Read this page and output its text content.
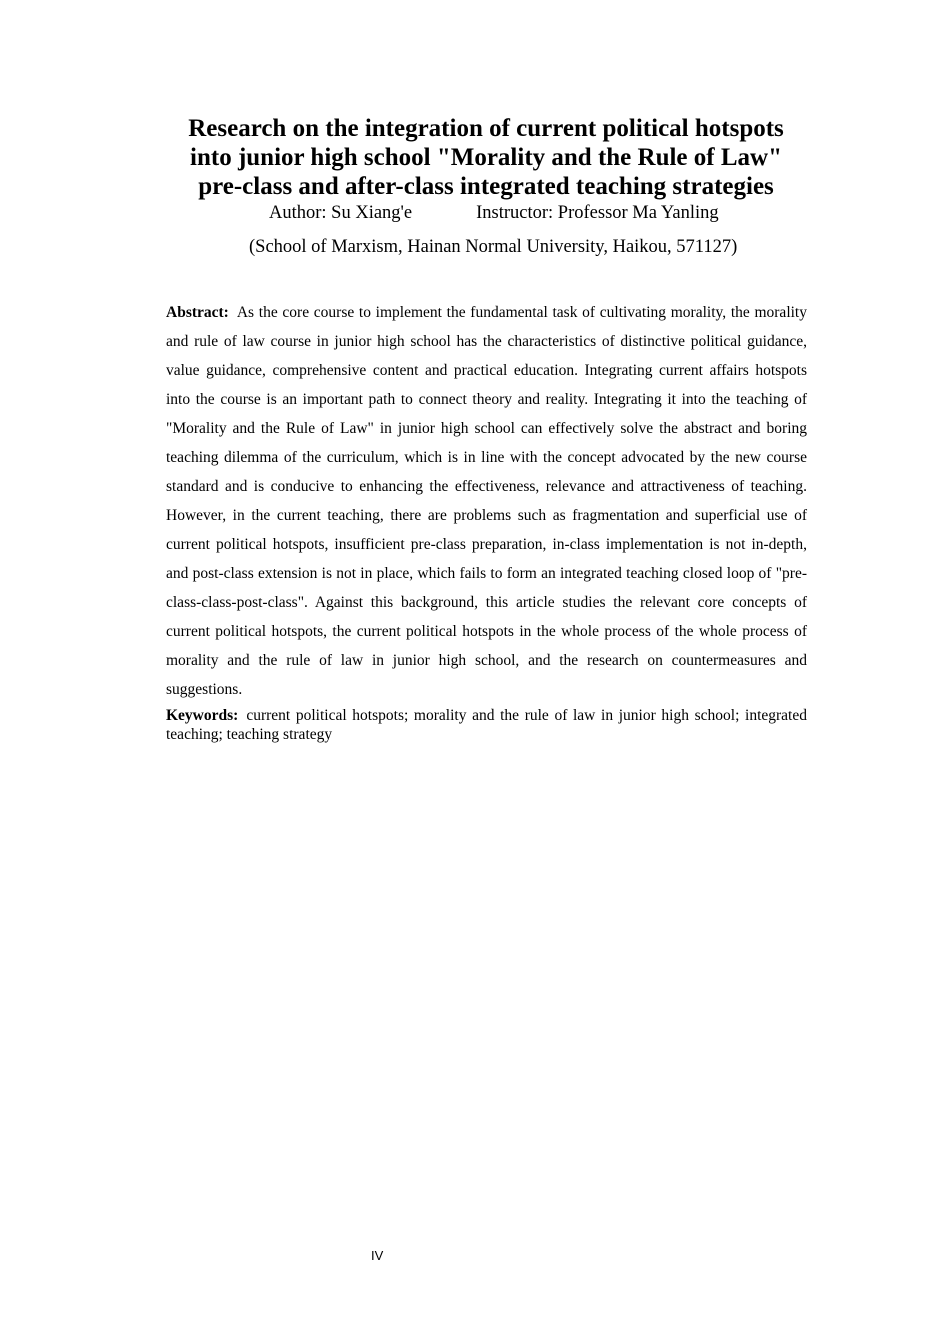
Research on the integration of current political hotspots
into junior high school "Morality and the Rule of Law"
pre-class and after-class integrated teaching strategies
Author: Su Xiang'e	Instructor: Professor Ma Yanling
(School of Marxism, Hainan Normal University, Haikou, 571127)

Abstract: As the core course to implement the fundamental task of cultivating morality, the morality and rule of law course in junior high school has the characteristics of distinctive political guidance, value guidance, comprehensive content and practical education. Integrating current affairs hotspots into the course is an important path to connect theory and reality. Integrating it into the teaching of "Morality and the Rule of Law" in junior high school can effectively solve the abstract and boring teaching dilemma of the curriculum, which is in line with the concept advocated by the new course standard and is conducive to enhancing the effectiveness, relevance and attractiveness of teaching. However, in the current teaching, there are problems such as fragmentation and superficial use of current political hotspots, insufficient pre-class preparation, in-class implementation is not in-depth, and post-class extension is not in place, which fails to form an integrated teaching closed loop of "pre-class-class-post-class". Against this background, this article studies the relevant core concepts of current political hotspots, the current political hotspots in the whole process of the whole process of morality and the rule of law in junior high school, and the research on countermeasures and suggestions.

Keywords: current political hotspots; morality and the rule of law in junior high school; integrated teaching; teaching strategy

IV
